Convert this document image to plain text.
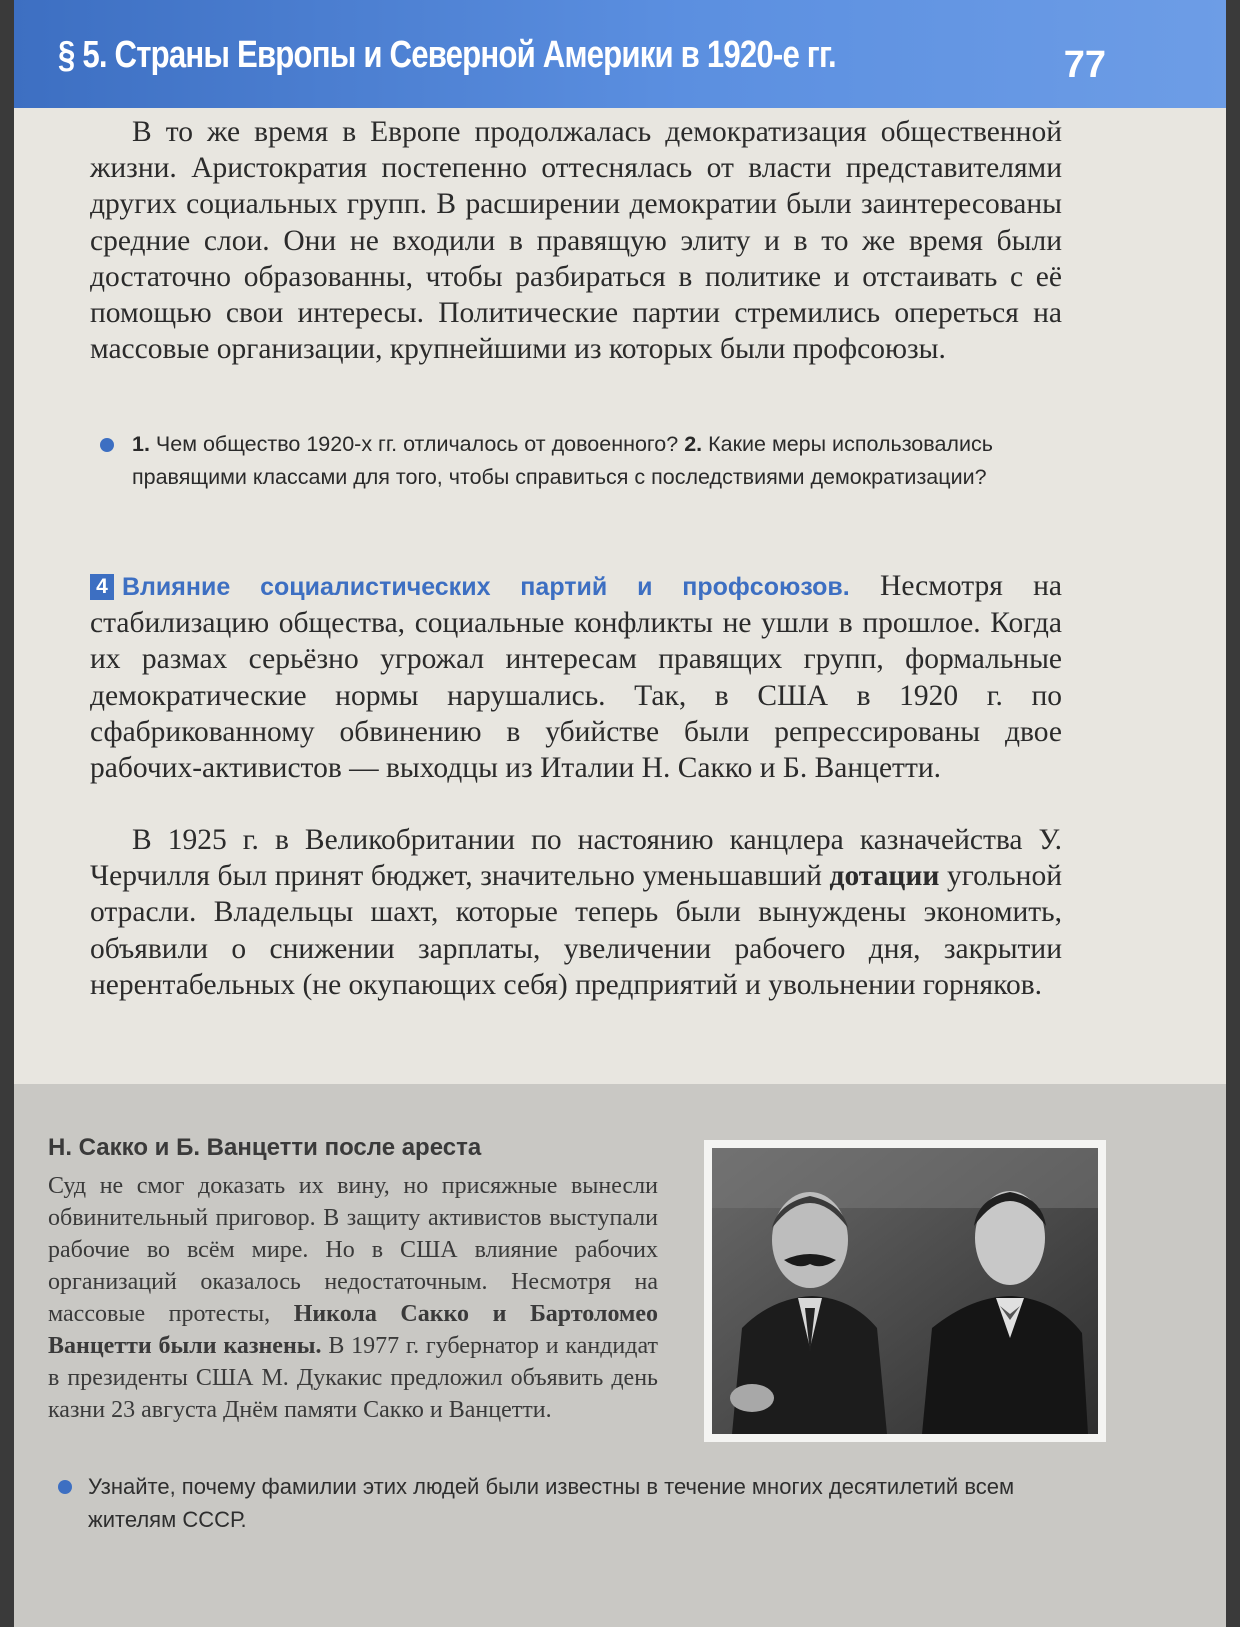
§ 5. Страны Европы и Северной Америки в 1920-е гг.	77

В то же время в Европе продолжалась демократизация общественной жизни. Аристократия постепенно оттеснялась от власти представителями других социальных групп. В расширении демократии были заинтересованы средние слои. Они не входили в правящую элиту и в то же время были достаточно образованны, чтобы разбираться в политике и отстаивать с её помощью свои интересы. Политические партии стремились опереться на массовые организации, крупнейшими из которых были профсоюзы.

1. Чем общество 1920-х гг. отличалось от довоенного? 2. Какие меры использовались правящими классами для того, чтобы справиться с последствиями демократизации?

4 Влияние социалистических партий и профсоюзов. Несмотря на стабилизацию общества, социальные конфликты не ушли в прошлое. Когда их размах серьёзно угрожал интересам правящих групп, формальные демократические нормы нарушались. Так, в США в 1920 г. по сфабрикованному обвинению в убийстве были репрессированы двое рабочих-активистов — выходцы из Италии Н. Сакко и Б. Ванцетти.

В 1925 г. в Великобритании по настоянию канцлера казначейства У. Черчилля был принят бюджет, значительно уменьшавший дотации угольной отрасли. Владельцы шахт, которые теперь были вынуждены экономить, объявили о снижении зарплаты, увеличении рабочего дня, закрытии нерентабельных (не окупающих себя) предприятий и увольнении горняков.

Н. Сакко и Б. Ванцетти после ареста

Суд не смог доказать их вину, но присяжные вынесли обвинительный приговор. В защиту активистов выступали рабочие во всём мире. Но в США влияние рабочих организаций оказалось недостаточным. Несмотря на массовые протесты, Никола Сакко и Бартоломео Ванцетти были казнены. В 1977 г. губернатор и кандидат в президенты США М. Дукакис предложил объявить день казни 23 августа Днём памяти Сакко и Ванцетти.

Узнайте, почему фамилии этих людей были известны в течение многих десятилетий всем жителям СССР.
